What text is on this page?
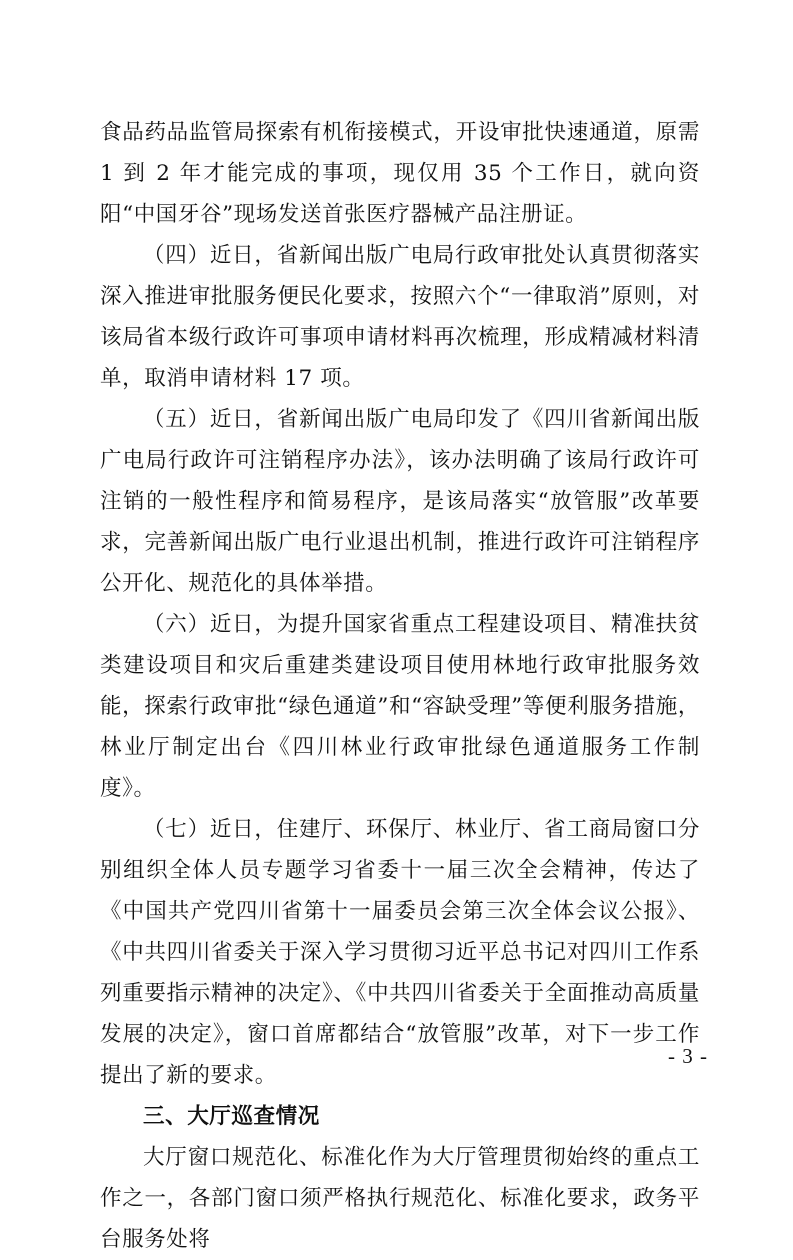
食品药品监管局探索有机衔接模式，开设审批快速通道，原需 1 到 2 年才能完成的事项，现仅用 35 个工作日，就向资阳“中国牙谷”现场发送首张医疗器械产品注册证。

（四）近日，省新闻出版广电局行政审批处认真贯彻落实深入推进审批服务便民化要求，按照六个“一律取消”原则，对该局省本级行政许可事项申请材料再次梳理，形成精减材料清单，取消申请材料 17 项。

（五）近日，省新闻出版广电局印发了《四川省新闻出版广电局行政许可注销程序办法》，该办法明确了该局行政许可注销的一般性程序和简易程序，是该局落实“放管服”改革要求，完善新闻出版广电行业退出机制，推进行政许可注销程序公开化、规范化的具体举措。

（六）近日，为提升国家省重点工程建设项目、精准扶贫类建设项目和灾后重建类建设项目使用林地行政审批服务效能，探索行政审批“绿色通道”和“容缺受理”等便利服务措施，林业厅制定出台《四川林业行政审批绿色通道服务工作制度》。

（七）近日，住建厅、环保厅、林业厅、省工商局窗口分别组织全体人员专题学习省委十一届三次全会精神，传达了《中国共产党四川省第十一届委员会第三次全体会议公报》、《中共四川省委关于深入学习贯彻习近平总书记对四川工作系列重要指示精神的决定》、《中共四川省委关于全面推动高质量发展的决定》，窗口首席都结合“放管服”改革，对下一步工作提出了新的要求。

三、大厅巡查情况

大厅窗口规范化、标准化作为大厅管理贯彻始终的重点工作之一，各部门窗口须严格执行规范化、标准化要求，政务平台服务处将

- 3 -
